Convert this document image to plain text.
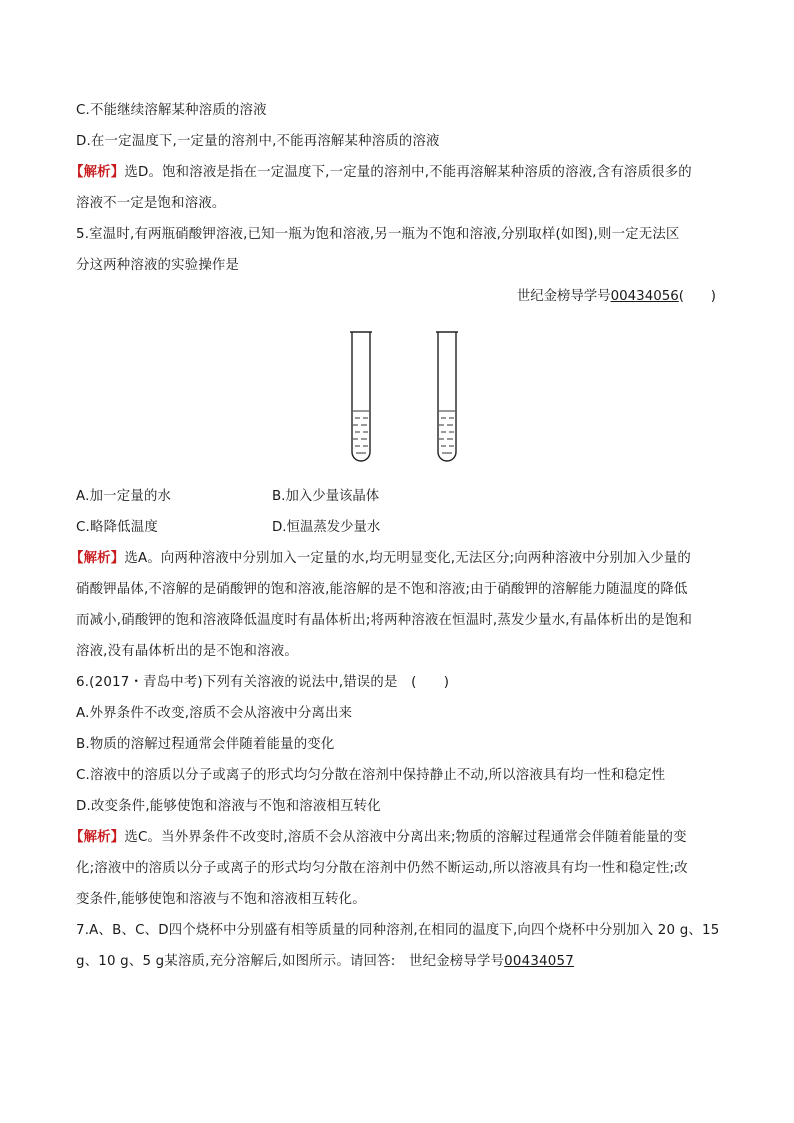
C.不能继续溶解某种溶质的溶液
D.在一定温度下,一定量的溶剂中,不能再溶解某种溶质的溶液
【解析】选D。饱和溶液是指在一定温度下,一定量的溶剂中,不能再溶解某种溶质的溶液,含有溶质很多的
溶液不一定是饱和溶液。
5.室温时,有两瓶硝酸钾溶液,已知一瓶为饱和溶液,另一瓶为不饱和溶液,分别取样(如图),则一定无法区
分这两种溶液的实验操作是
世纪金榜导学号00434056(　　)
A.加一定量的水	B.加入少量该晶体
C.略降低温度	D.恒温蒸发少量水
【解析】选A。向两种溶液中分别加入一定量的水,均无明显变化,无法区分;向两种溶液中分别加入少量的
硝酸钾晶体,不溶解的是硝酸钾的饱和溶液,能溶解的是不饱和溶液;由于硝酸钾的溶解能力随温度的降低
而减小,硝酸钾的饱和溶液降低温度时有晶体析出;将两种溶液在恒温时,蒸发少量水,有晶体析出的是饱和
溶液,没有晶体析出的是不饱和溶液。
6.(2017・青岛中考)下列有关溶液的说法中,错误的是　(　　)
A.外界条件不改变,溶质不会从溶液中分离出来
B.物质的溶解过程通常会伴随着能量的变化
C.溶液中的溶质以分子或离子的形式均匀分散在溶剂中保持静止不动,所以溶液具有均一性和稳定性
D.改变条件,能够使饱和溶液与不饱和溶液相互转化
【解析】选C。当外界条件不改变时,溶质不会从溶液中分离出来;物质的溶解过程通常会伴随着能量的变
化;溶液中的溶质以分子或离子的形式均匀分散在溶剂中仍然不断运动,所以溶液具有均一性和稳定性;改
变条件,能够使饱和溶液与不饱和溶液相互转化。
7.A、B、C、D四个烧杯中分别盛有相等质量的同种溶剂,在相同的温度下,向四个烧杯中分别加入 20 g、15
g、10 g、5 g某溶质,充分溶解后,如图所示。请回答:　世纪金榜导学号00434057
